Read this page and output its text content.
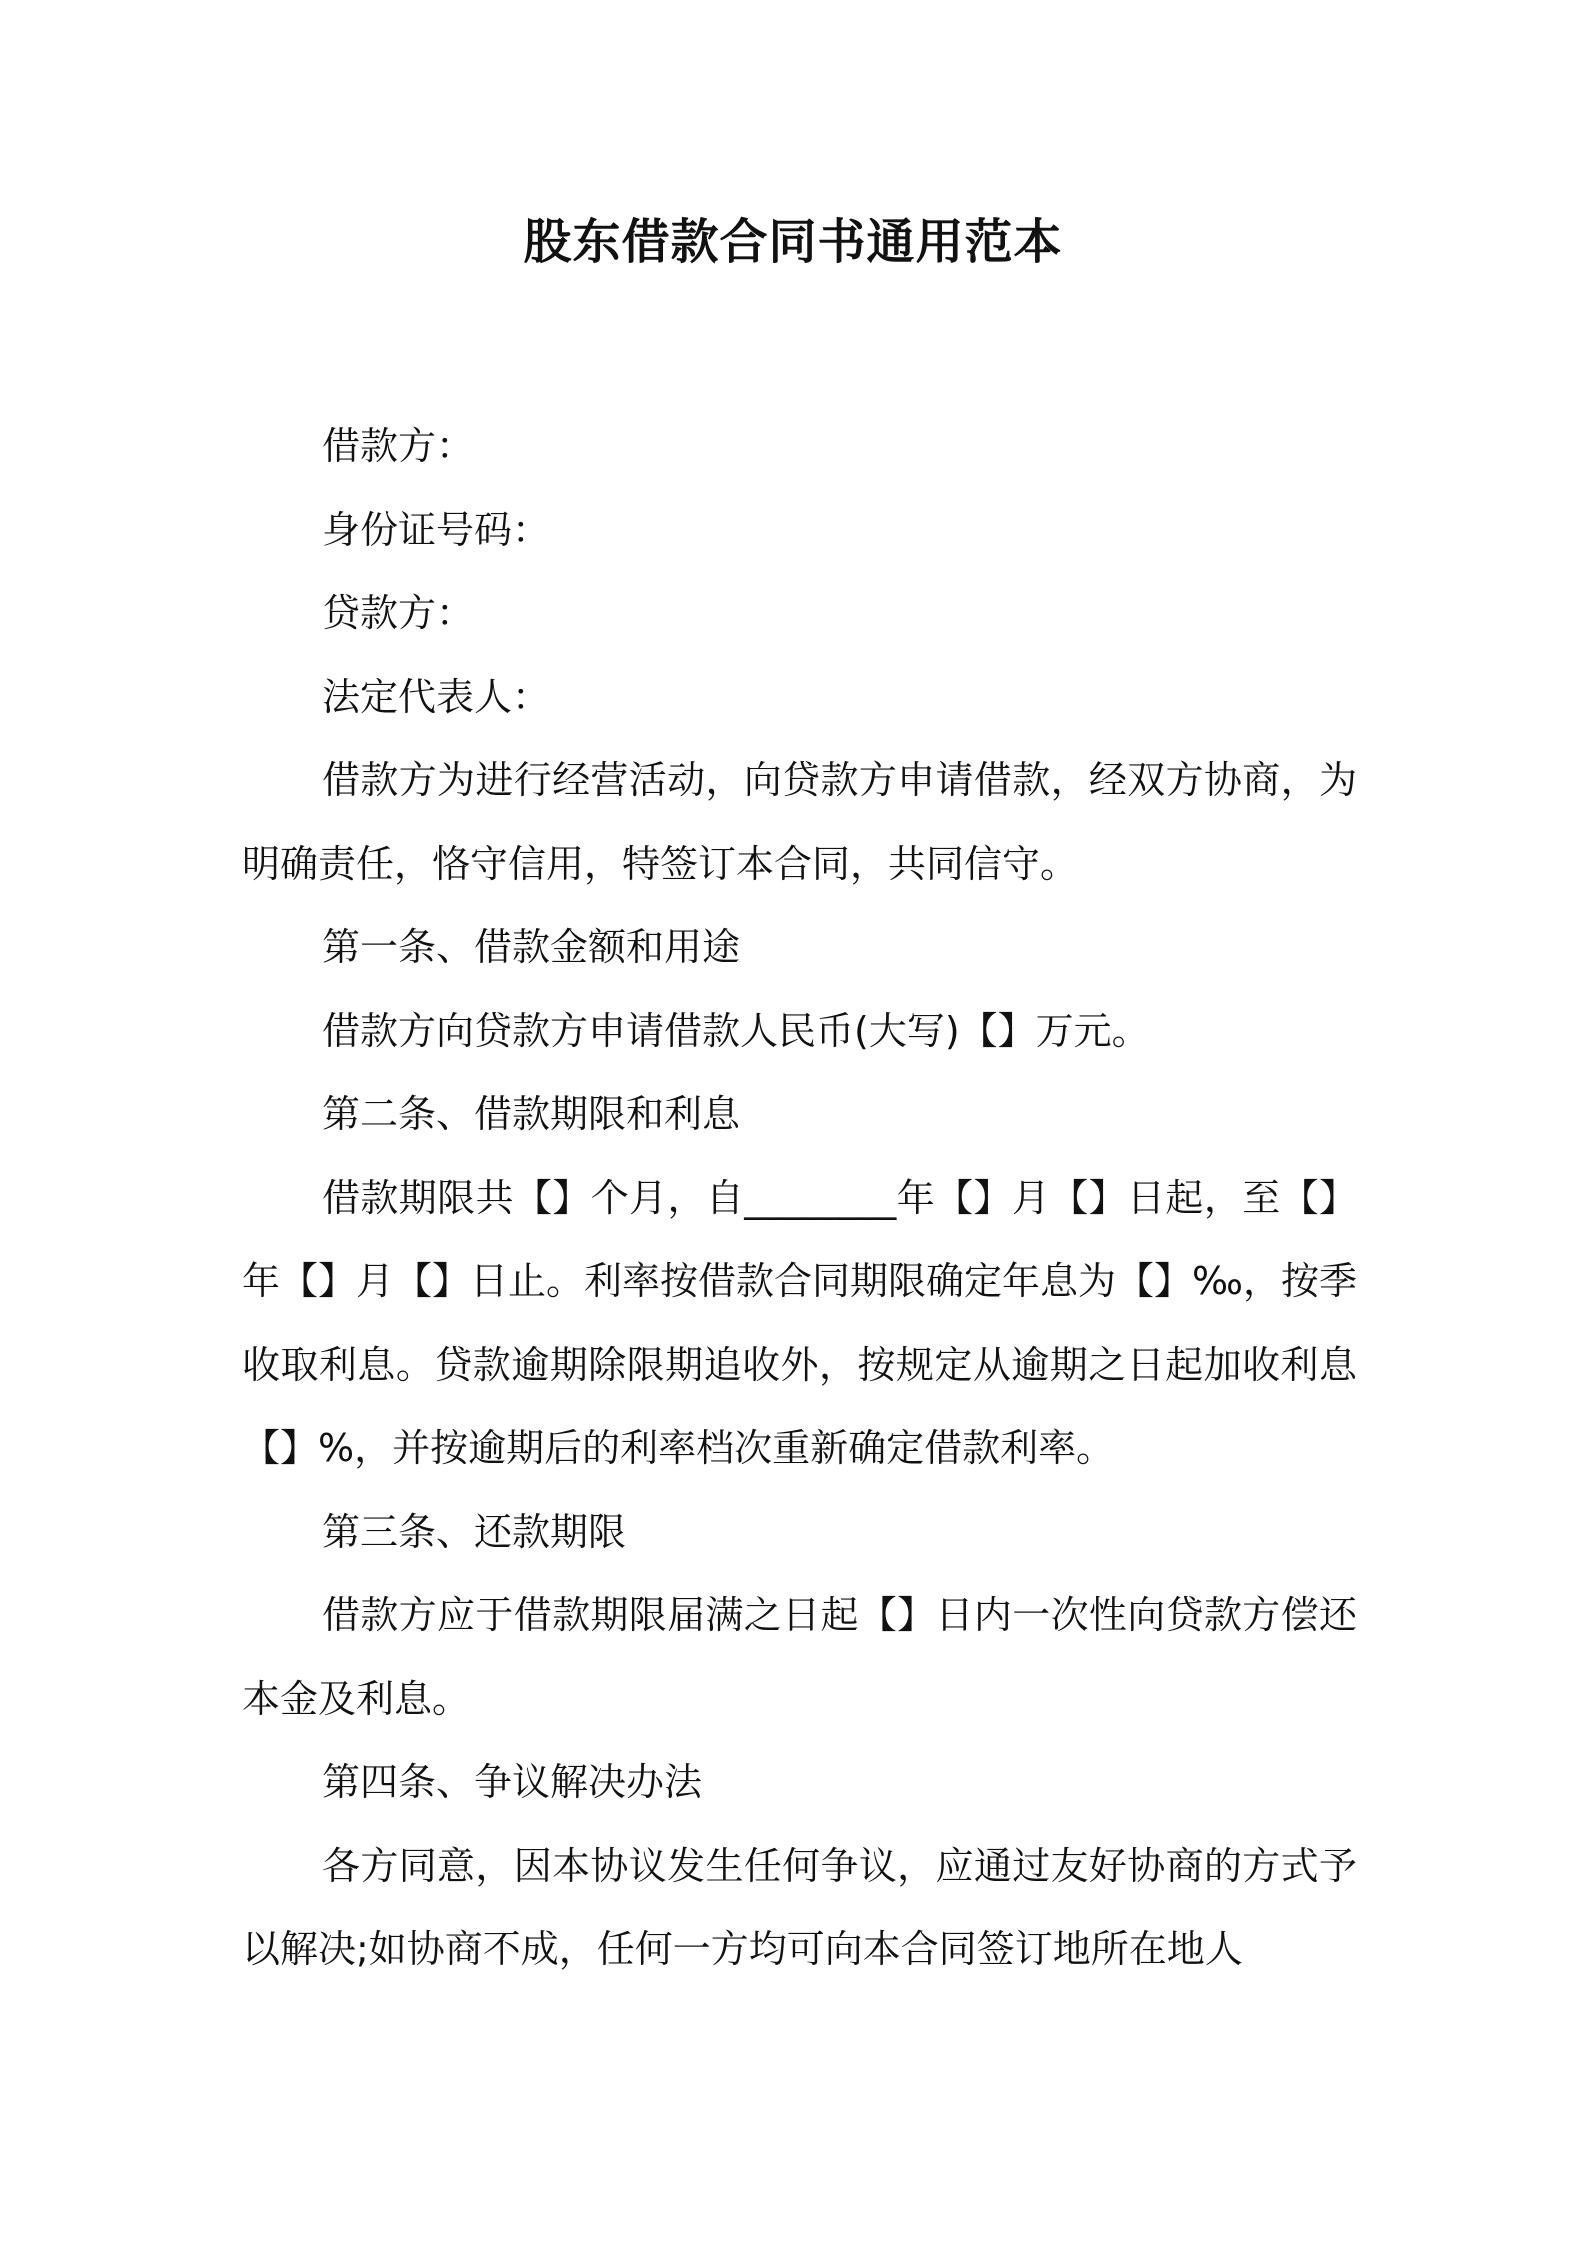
股东借款合同书通用范本

借款方：

身份证号码：

贷款方：

法定代表人：

借款方为进行经营活动，向贷款方申请借款，经双方协商，为明确责任，恪守信用，特签订本合同，共同信守。

第一条、借款金额和用途

借款方向贷款方申请借款人民币(大写)【】万元。

第二条、借款期限和利息

借款期限共【】个月，自________年【】月【】日起，至【】年【】月【】日止。利率按借款合同期限确定年息为【】‰，按季收取利息。贷款逾期除限期追收外，按规定从逾期之日起加收利息【】%，并按逾期后的利率档次重新确定借款利率。

第三条、还款期限

借款方应于借款期限届满之日起【】日内一次性向贷款方偿还本金及利息。

第四条、争议解决办法

各方同意，因本协议发生任何争议，应通过友好协商的方式予以解决;如协商不成，任何一方均可向本合同签订地所在地人
